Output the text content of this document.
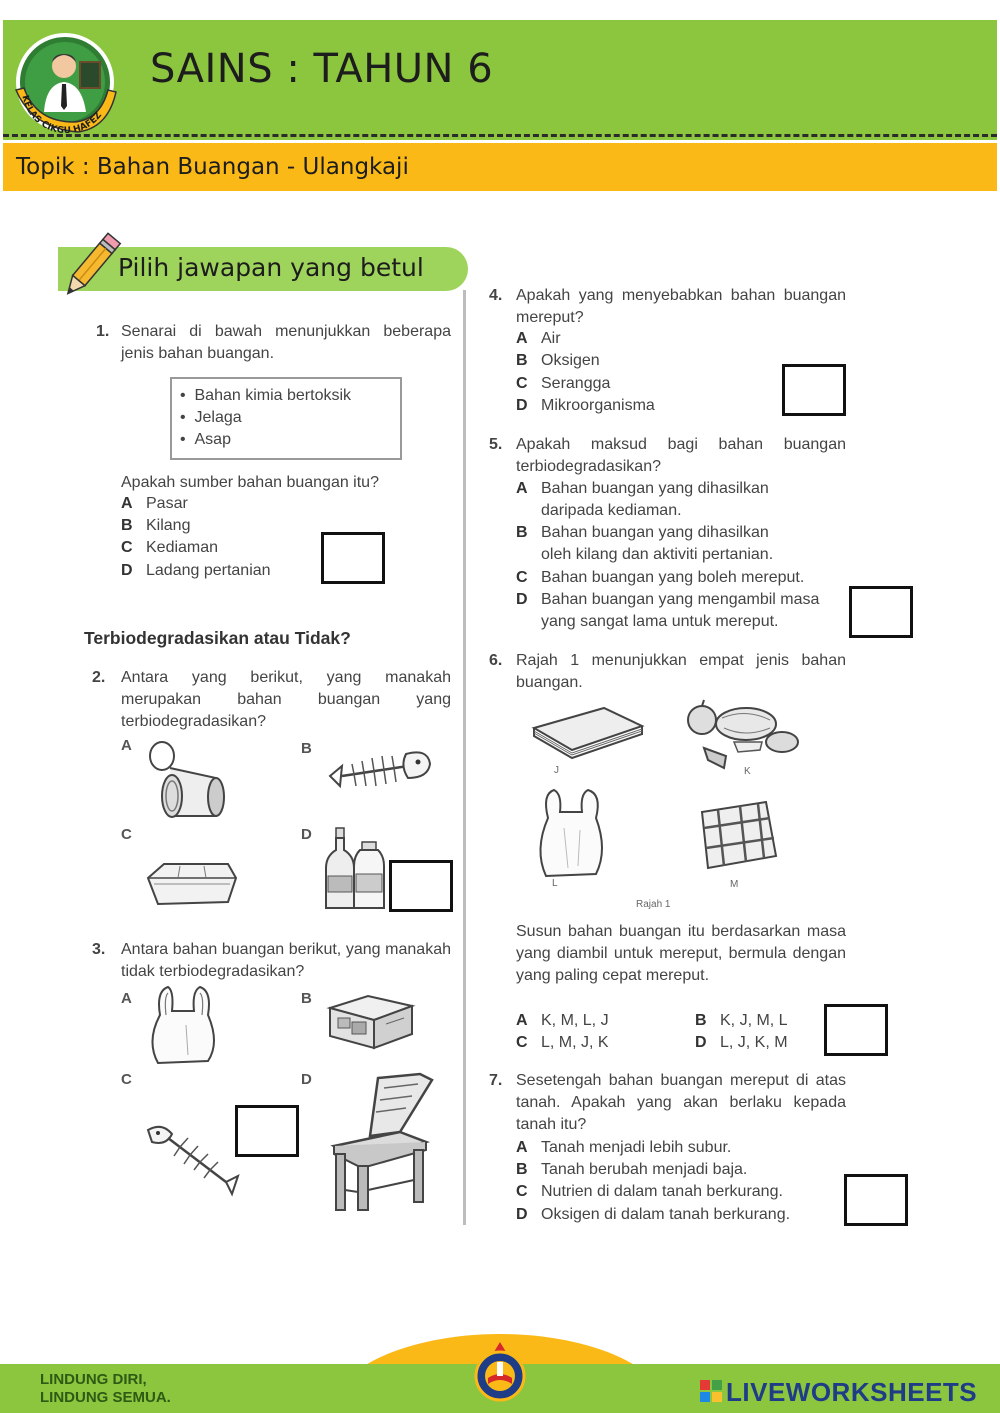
KELAS CIKGU HAFEZ
SAINS : TAHUN 6
Topik : Bahan Buangan - Ulangkaji
Pilih jawapan yang betul
1. Senarai di bawah menunjukkan beberapa jenis bahan buangan.
•  Bahan kimia bertoksik
•  Jelaga
•  Asap
Apakah sumber bahan buangan itu?
A Pasar
B Kilang
C Kediaman
D Ladang pertanian
Terbiodegradasikan atau Tidak?
2. Antara yang berikut, yang manakah merupakan bahan buangan yang terbiodegradasikan?
A	B
C	D
3. Antara bahan buangan berikut, yang manakah tidak terbiodegradasikan?
A	B
C	D
4. Apakah yang menyebabkan bahan buangan mereput?
A Air
B Oksigen
C Serangga
D Mikroorganisma
5. Apakah maksud bagi bahan buangan terbiodegradasikan?
A Bahan buangan yang dihasilkan
daripada kediaman.
B Bahan buangan yang dihasilkan
oleh kilang dan aktiviti pertanian.
C Bahan buangan yang boleh mereput.
D Bahan buangan yang mengambil masa
yang sangat lama untuk mereput.
6. Rajah 1 menunjukkan empat jenis bahan buangan.
J	K
L	M
Rajah 1
Susun bahan buangan itu berdasarkan masa yang diambil untuk mereput, bermula dengan yang paling cepat mereput.
A K, M, L, J	B K, J, M, L
C L, M, J, K	D L, J, K, M
7. Sesetengah bahan buangan mereput di atas tanah. Apakah yang akan berlaku kepada tanah itu?
A Tanah menjadi lebih subur.
B Tanah berubah menjadi baja.
C Nutrien di dalam tanah berkurang.
D Oksigen di dalam tanah berkurang.
LINDUNG DIRI,
LINDUNG SEMUA.	LIVEWORKSHEETS
